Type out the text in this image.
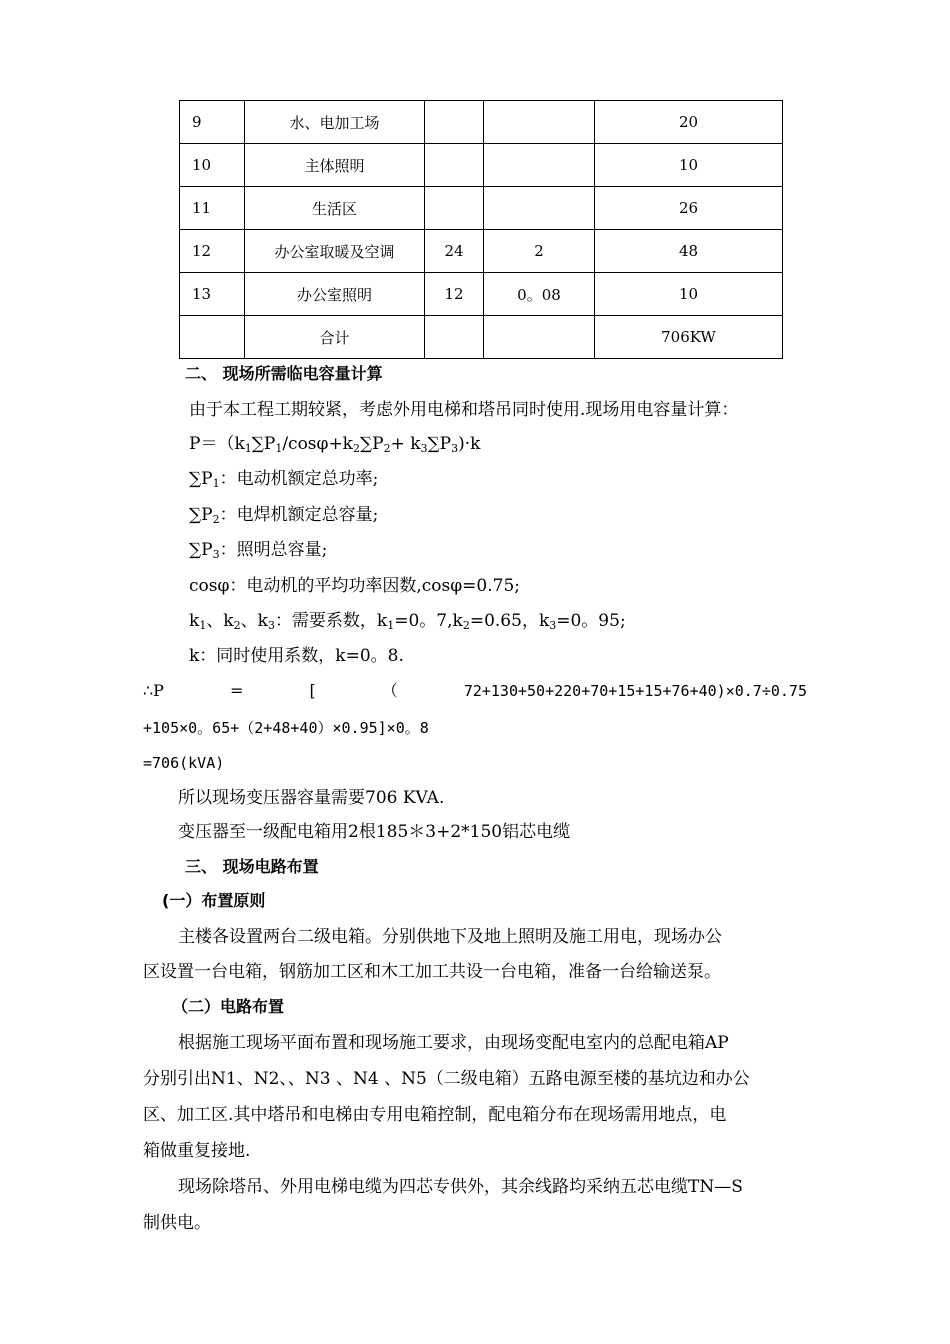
9	水、电加工场			20
10	主体照明			10
11	生活区			26
12	办公室取暖及空调	24	2	48
13	办公室照明	12	0。08	10
	合计			706KW
二、 现场所需临电容量计算
由于本工程工期较紧，考虑外用电梯和塔吊同时使用.现场用电容量计算：
$P=(k_1\sum P_1/\cos\varphi+k_2\sum P_2+ k_3\sum P_3)\cdot k$
$\sum P_1$：电动机额定总功率;
$\sum P_2$：电焊机额定总容量;
$\sum P_3$：照明总容量;
cosφ：电动机的平均功率因数,cosφ=0.75;
$k_1$、$k_2$、$k_3$：需要系数，$k_1=0$。$7,k_2=0.65$，$k_3=0$。95;
k：同时使用系数，k=0。8.
∴P	=	[	（	72+130+50+220+70+15+15+76+40)×0.7÷0.75
+105×0。65+（2+48+40）×0.95]×0。8
=706(kVA)
所以现场变压器容量需要706 KVA.
变压器至一级配电箱用2根185＊3+2*150铝芯电缆
三、 现场电路布置
(一）布置原则
主楼各设置两台二级电箱。分别供地下及地上照明及施工用电，现场办公
区设置一台电箱，钢筋加工区和木工加工共设一台电箱，准备一台给输送泵。
（二）电路布置
根据施工现场平面布置和现场施工要求，由现场变配电室内的总配电箱AP
分别引出N1、N2、、N3 、N4 、N5（二级电箱）五路电源至楼的基坑边和办公
区、加工区.其中塔吊和电梯由专用电箱控制，配电箱分布在现场需用地点，电
箱做重复接地.
现场除塔吊、外用电梯电缆为四芯专供外，其余线路均采纳五芯电缆TN—S
制供电。
